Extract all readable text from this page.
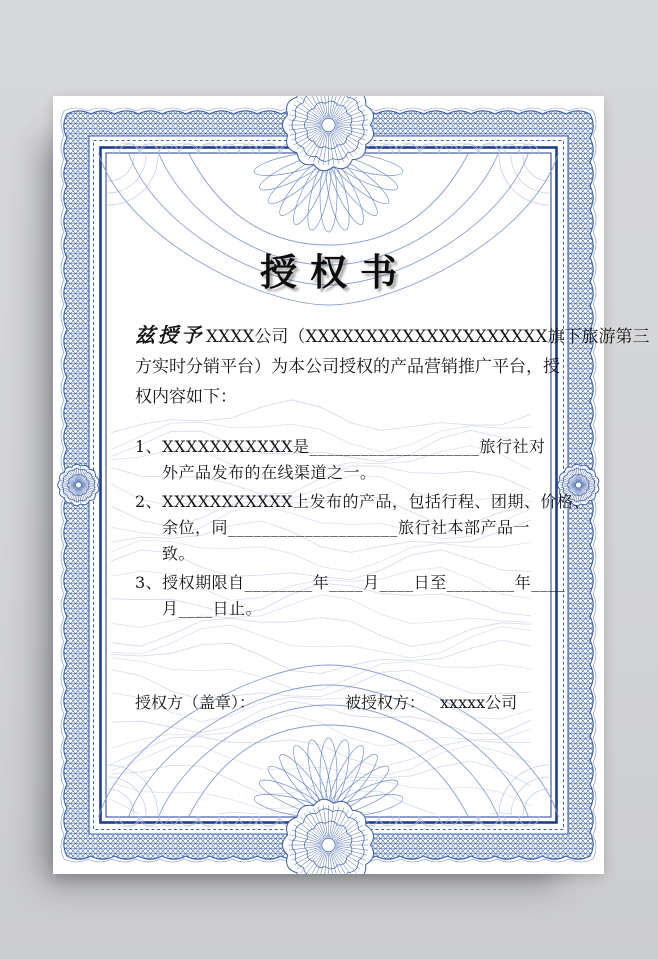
授权书
兹授予 XXXX公司（XXXXXXXXXXXXXXXXXXXX旗下旅游第三
方实时分销平台）为本公司授权的产品营销推广平台，授
权内容如下：
1、XXXXXXXXXXX是____________________旅行社对
外产品发布的在线渠道之一。
2、XXXXXXXXXXX上发布的产品，包括行程、团期、价格、
余位，同____________________旅行社本部产品一
致。
3、授权期限自________年____月____日至________年____
月____日止。
授权方（盖章）：	被授权方： xxxxx公司
